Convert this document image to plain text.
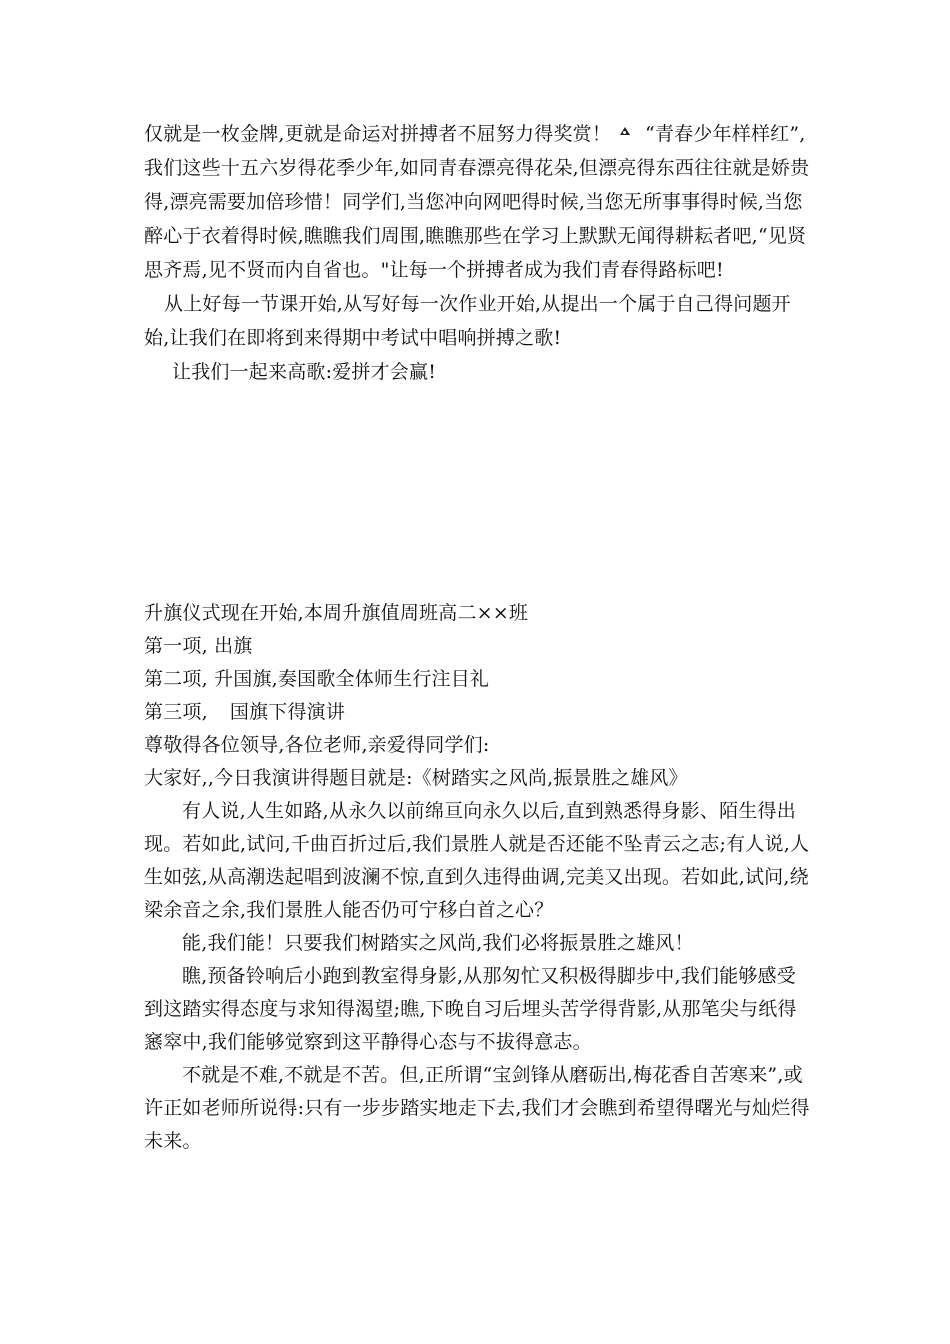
仅就是一枚金牌,更就是命运对拼搏者不屈努力得奖赏！ “青春少年样样红”,我们这些十五六岁得花季少年,如同青春漂亮得花朵,但漂亮得东西往往就是娇贵得,漂亮需要加倍珍惜！同学们,当您冲向网吧得时候,当您无所事事得时候,当您醉心于衣着得时候,瞧瞧我们周围,瞧瞧那些在学习上默默无闻得耕耘者吧,“见贤思齐焉,见不贤而内自省也。"让每一个拼搏者成为我们青春得路标吧!

从上好每一节课开始,从写好每一次作业开始,从提出一个属于自己得问题开始,让我们在即将到来得期中考试中唱响拼搏之歌!

让我们一起来高歌:爱拼才会赢!

升旗仪式现在开始,本周升旗值周班高二××班

第一项, 出旗

第二项, 升国旗,奏国歌全体师生行注目礼

第三项, 国旗下得演讲

尊敬得各位领导,各位老师,亲爱得同学们:

大家好,,今日我演讲得题目就是:《树踏实之风尚,振景胜之雄风》

有人说,人生如路,从永久以前绵亘向永久以后,直到熟悉得身影、陌生得出现。若如此,试问,千曲百折过后,我们景胜人就是否还能不坠青云之志;有人说,人生如弦,从高潮迭起唱到波澜不惊,直到久违得曲调,完美又出现。若如此,试问,绕梁余音之余,我们景胜人能否仍可宁移白首之心？

能,我们能！只要我们树踏实之风尚,我们必将振景胜之雄风！

瞧,预备铃响后小跑到教室得身影,从那匆忙又积极得脚步中,我们能够感受到这踏实得态度与求知得渴望;瞧,下晚自习后埋头苦学得背影,从那笔尖与纸得窸窣中,我们能够觉察到这平静得心态与不拔得意志。

不就是不难,不就是不苦。但,正所谓“宝剑锋从磨砺出,梅花香自苦寒来”,或许正如老师所说得:只有一步步踏实地走下去,我们才会瞧到希望得曙光与灿烂得未来。
